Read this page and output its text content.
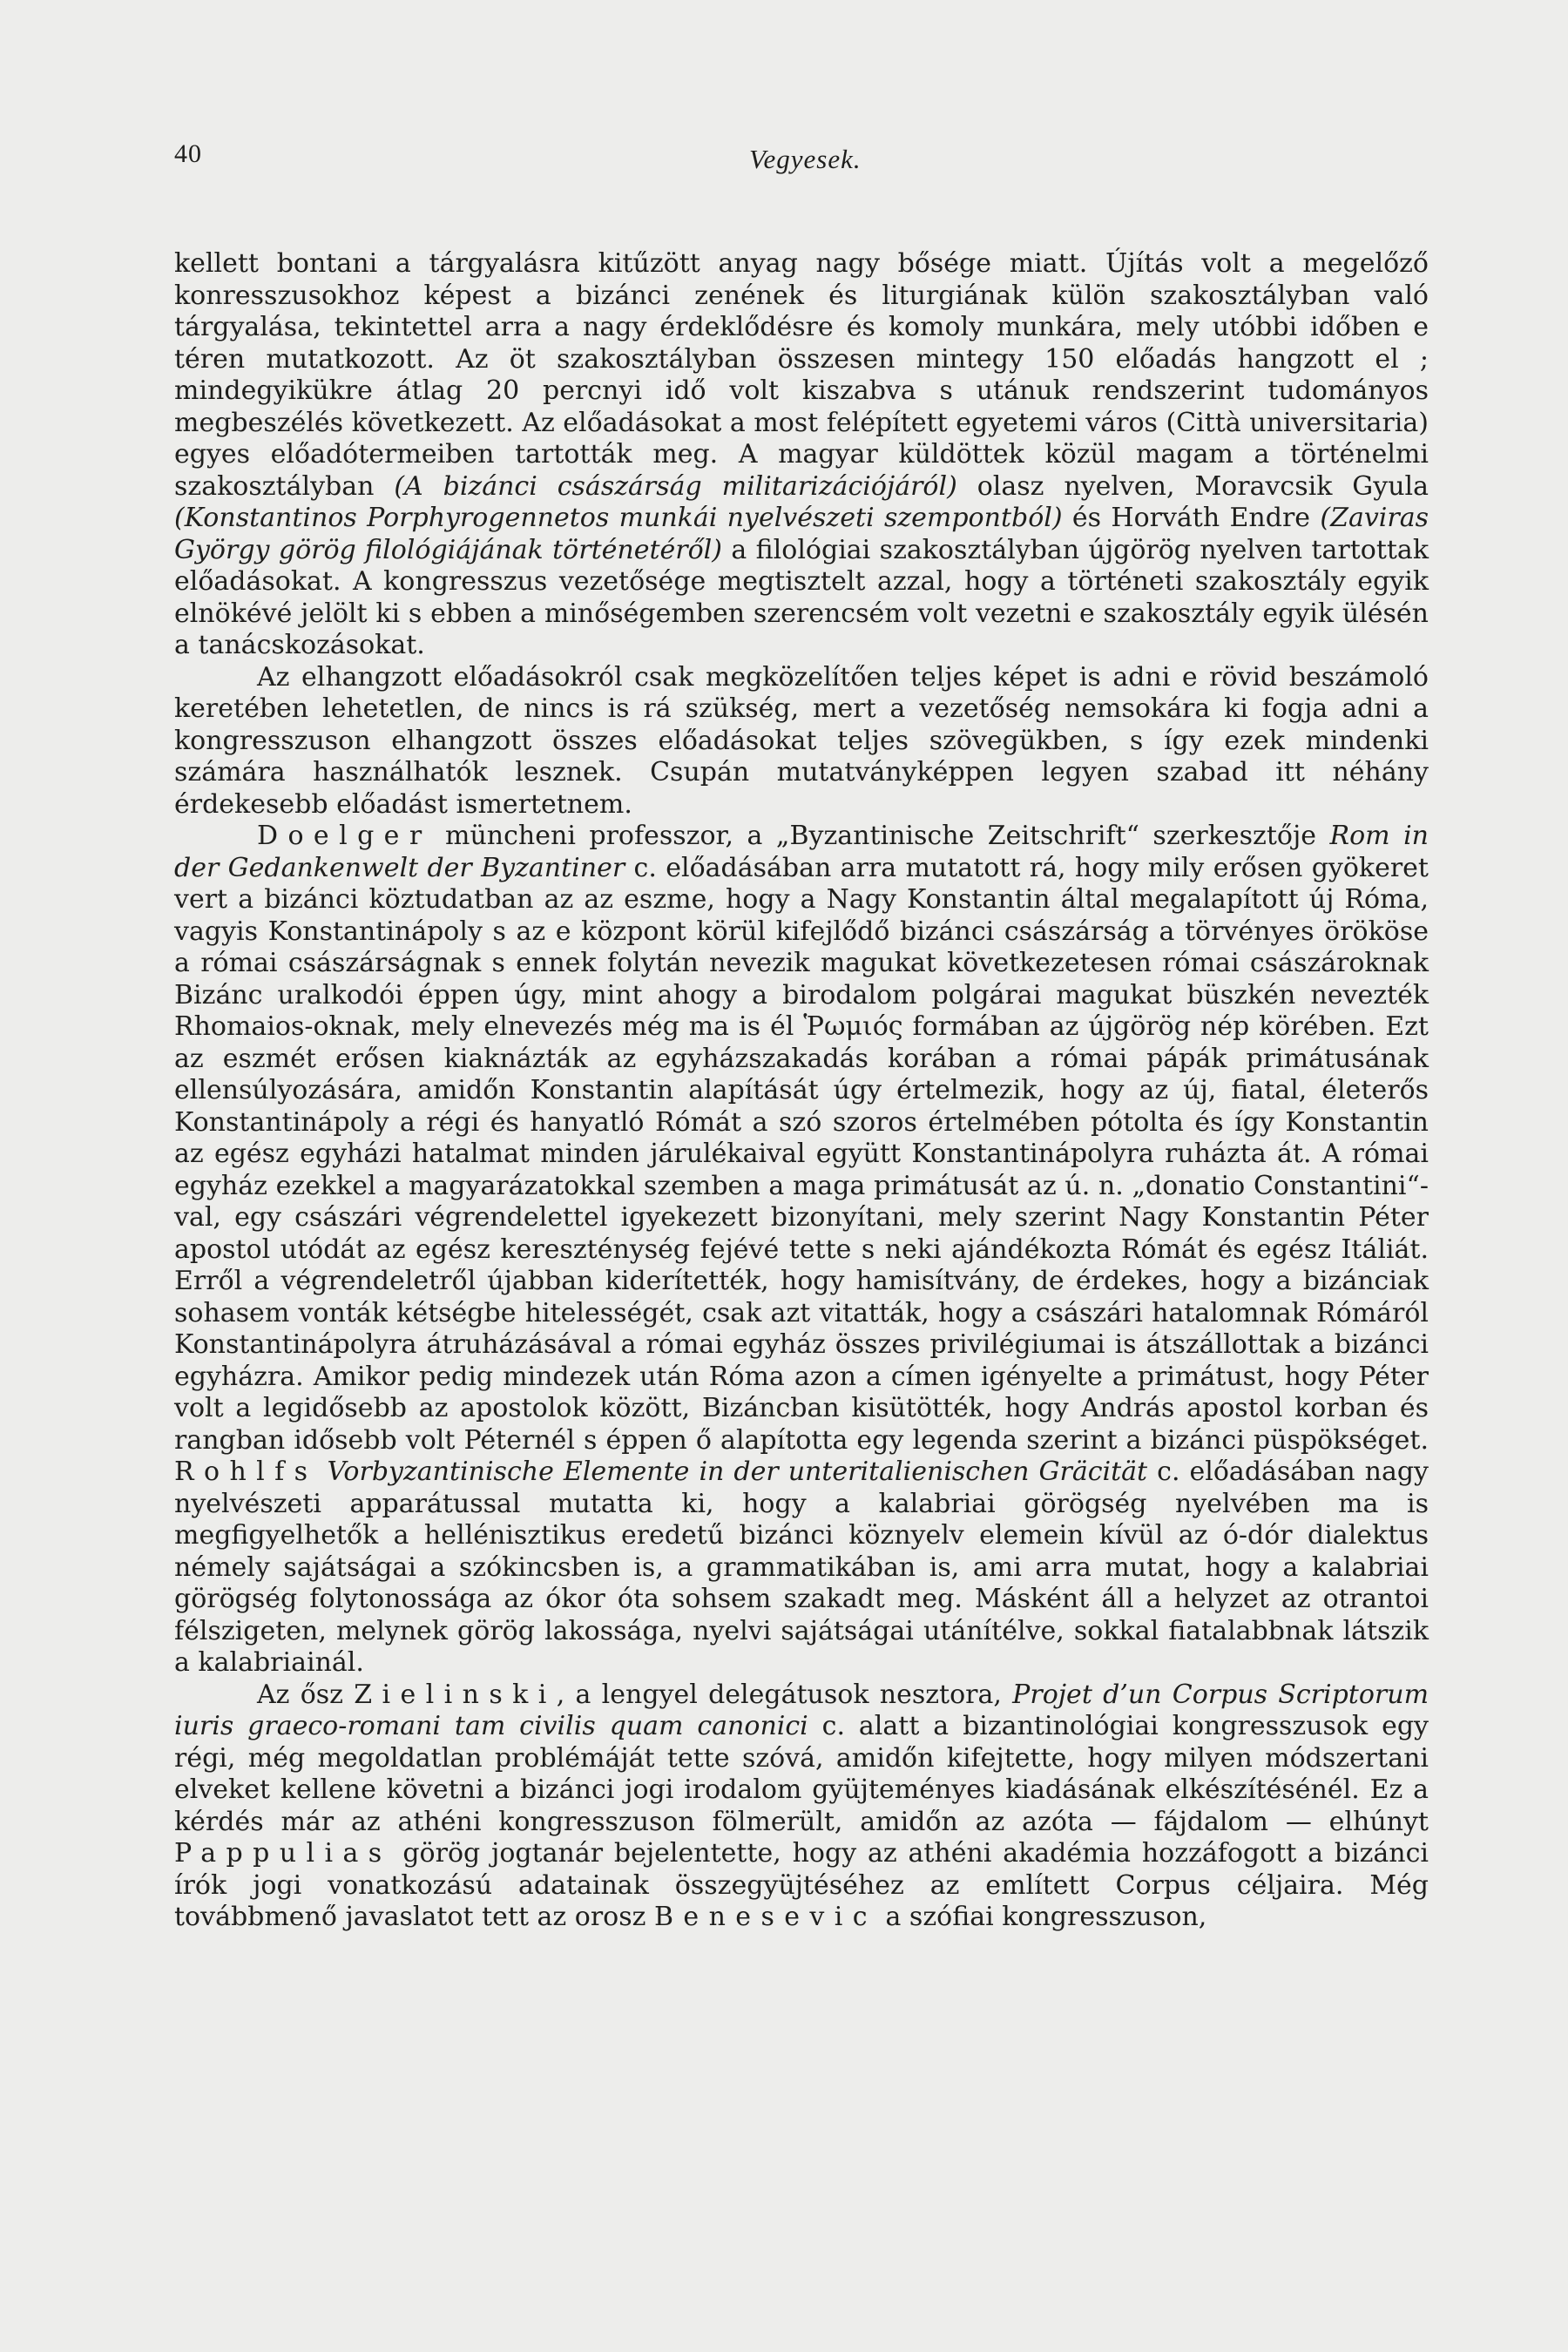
40	Vegyesek.

kellett bontani a tárgyalásra kitűzött anyag nagy bősége miatt. Újítás volt a megelőző konresszusokhoz képest a bizánci zenének és liturgiának külön szakosztályban való tárgyalása, tekintettel arra a nagy érdeklődésre és komoly munkára, mely utóbbi időben e téren mutatkozott. Az öt szakosztályban összesen mintegy 150 előadás hangzott el ; mindegyikükre átlag 20 percnyi idő volt kiszabva s utánuk rendszerint tudományos megbeszélés következett. Az előadásokat a most felépített egyetemi város (Città universitaria) egyes előadótermeiben tartották meg. A magyar küldöttek közül magam a történelmi szakosztályban (A bizánci császárság militarizációjáról) olasz nyelven, Moravcsik Gyula (Konstantinos Porphyrogennetos munkái nyelvészeti szempontból) és Horváth Endre (Zaviras György görög filológiájának történetéről) a filológiai szakosztályban újgörög nyelven tartottak előadásokat. A kongresszus vezetősége megtisztelt azzal, hogy a történeti szakosztály egyik elnökévé jelölt ki s ebben a minőségemben szerencsém volt vezetni e szakosztály egyik ülésén a tanácskozásokat.

Az elhangzott előadásokról csak megközelítően teljes képet is adni e rövid beszámoló keretében lehetetlen, de nincs is rá szükség, mert a vezetőség nemsokára ki fogja adni a kongresszuson elhangzott összes előadásokat teljes szövegükben, s így ezek mindenki számára használhatók lesznek. Csupán mutatványképpen legyen szabad itt néhány érdekesebb előadást ismertetnem.

Doelger müncheni professzor, a „Byzantinische Zeitschrift“ szerkesztője Rom in der Gedankenwelt der Byzantiner c. előadásában arra mutatott rá, hogy mily erősen gyökeret vert a bizánci köztudatban az az eszme, hogy a Nagy Konstantin által megalapított új Róma, vagyis Konstantinápoly s az e központ körül kifejlődő bizánci császárság a törvényes örököse a római császárságnak s ennek folytán nevezik magukat következetesen római császároknak Bizánc uralkodói éppen úgy, mint ahogy a birodalom polgárai magukat büszkén nevezték Rhomaios-oknak, mely elnevezés még ma is él Ῥωμιός formában az újgörög nép körében. Ezt az eszmét erősen kiaknázták az egyházszakadás korában a római pápák primátusának ellensúlyozására, amidőn Konstantin alapítását úgy értelmezik, hogy az új, fiatal, életerős Konstantinápoly a régi és hanyatló Rómát a szó szoros értelmében pótolta és így Konstantin az egész egyházi hatalmat minden járulékaival együtt Konstantinápolyra ruházta át. A római egyház ezekkel a magyarázatokkal szemben a maga primátusát az ú. n. „donatio Constantini“-val, egy császári végrendelettel igyekezett bizonyítani, mely szerint Nagy Konstantin Péter apostol utódát az egész kereszténység fejévé tette s neki ajándékozta Rómát és egész Itáliát. Erről a végrendeletről újabban kiderítették, hogy hamisítvány, de érdekes, hogy a bizánciak sohasem vonták kétségbe hitelességét, csak azt vitatták, hogy a császári hatalomnak Rómáról Konstantinápolyra átruházásával a római egyház összes privilégiumai is átszállottak a bizánci egyházra. Amikor pedig mindezek után Róma azon a címen igényelte a primátust, hogy Péter volt a legidősebb az apostolok között, Bizáncban kisütötték, hogy András apostol korban és rangban idősebb volt Péternél s éppen ő alapította egy legenda szerint a bizánci püspökséget. Rohlfs Vorbyzantinische Elemente in der unteritalienischen Gräcität c. előadásában nagy nyelvészeti apparátussal mutatta ki, hogy a kalabriai görögség nyelvében ma is megfigyelhetők a hellénisztikus eredetű bizánci köznyelv elemein kívül az ó-dór dialektus némely sajátságai a szókincsben is, a grammatikában is, ami arra mutat, hogy a kalabriai görögség folytonossága az ókor óta sohsem szakadt meg. Másként áll a helyzet az otrantoi félszigeten, melynek görög lakossága, nyelvi sajátságai utánítélve, sokkal fiatalabbnak látszik a kalabriainál.

Az ősz Zielinski, a lengyel delegátusok nesztora, Projet d’un Corpus Scriptorum iuris graeco-romani tam civilis quam canonici c. alatt a bizantinológiai kongresszusok egy régi, még megoldatlan problémáját tette szóvá, amidőn kifejtette, hogy milyen módszertani elveket kellene követni a bizánci jogi irodalom gyüjteményes kiadásának elkészítésénél. Ez a kérdés már az athéni kongresszuson fölmerült, amidőn az azóta — fájdalom — elhúnyt Pappulias görög jogtanár bejelentette, hogy az athéni akadémia hozzáfogott a bizánci írók jogi vonatkozású adatainak összegyüjtéséhez az említett Corpus céljaira. Még továbbmenő javaslatot tett az orosz Benesevic a szófiai kongresszuson,
